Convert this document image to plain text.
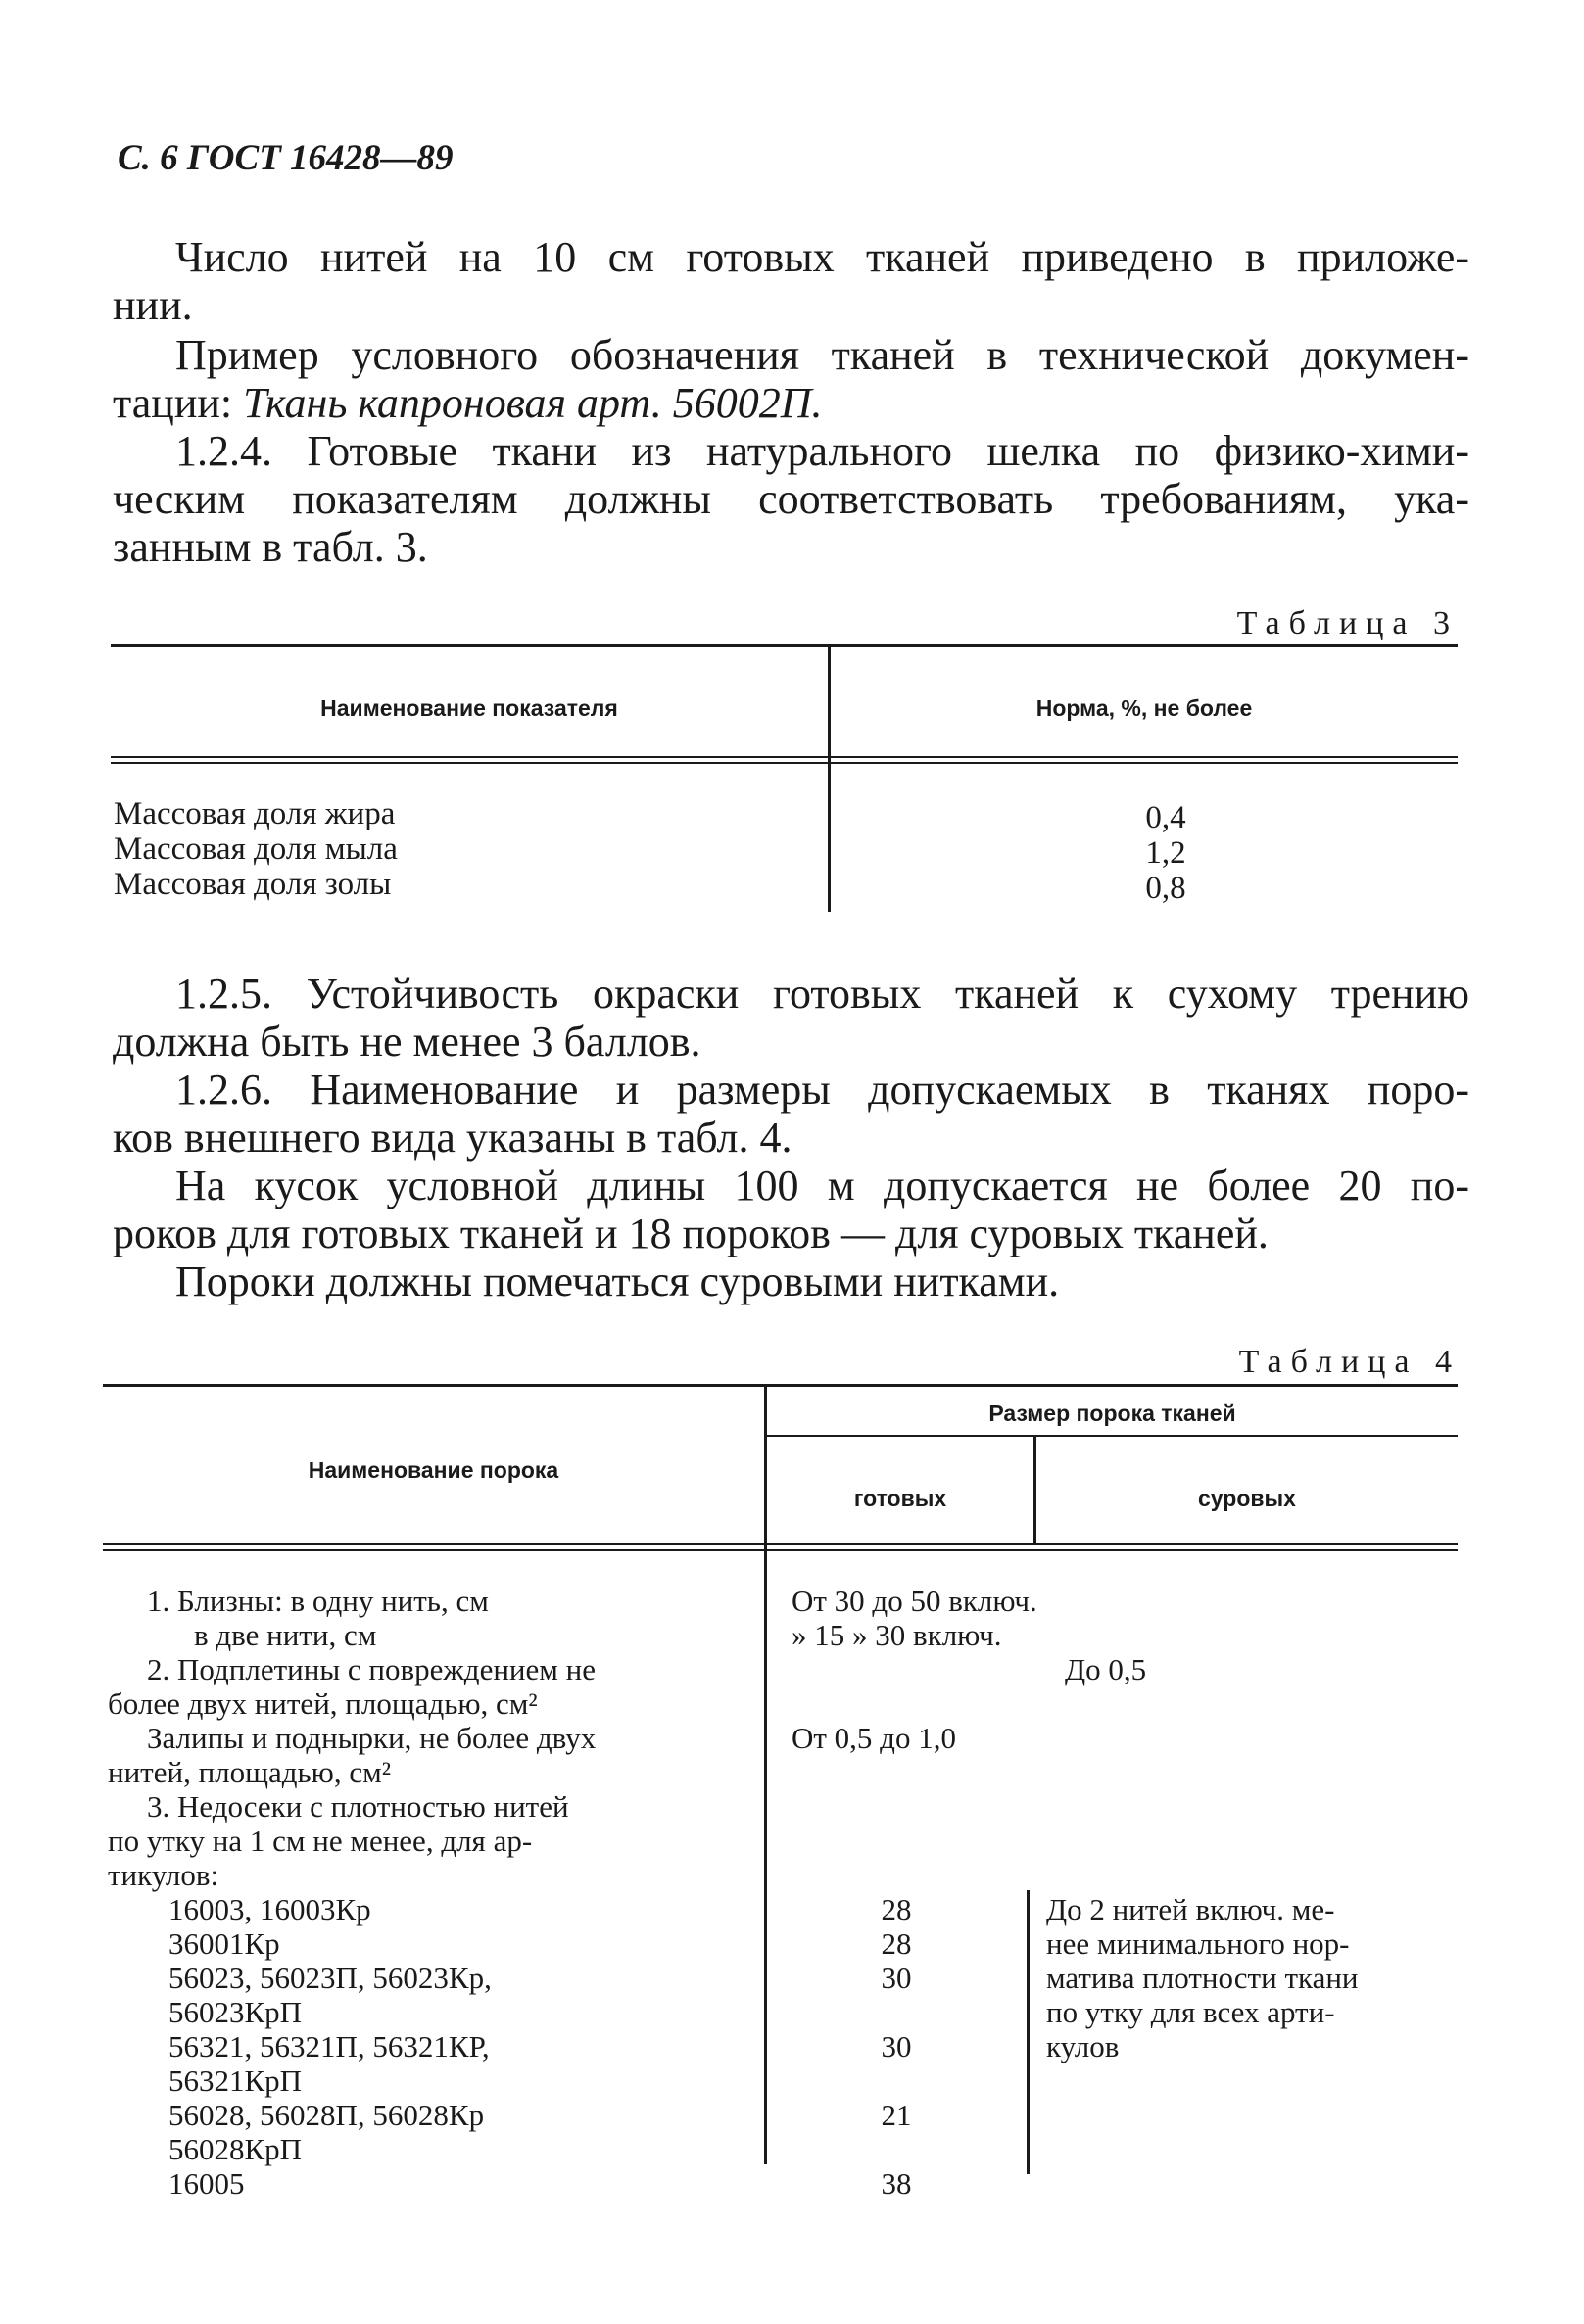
С. 6 ГОСТ 16428—89
Число нитей на 10 см готовых тканей приведено в приложе-
нии.
Пример условного обозначения тканей в технической докумен-
тации: Ткань капроновая арт. 56002П.
1.2.4. Готовые ткани из натурального шелка по физико-хими-
ческим показателям должны соответствовать требованиям, ука-
занным в табл. 3.
Таблица 3
Наименование показателя	Норма, %, не более
Массовая доля жира
Массовая доля мыла
Массовая доля золы
0,4
1,2
0,8
1.2.5. Устойчивость окраски готовых тканей к сухому трению
должна быть не менее 3 баллов.
1.2.6. Наименование и размеры допускаемых в тканях поро-
ков внешнего вида указаны в табл. 4.
На кусок условной длины 100 м допускается не более 20 по-
роков для готовых тканей и 18 пороков — для суровых тканей.
Пороки должны помечаться суровыми нитками.
Таблица 4
Наименование порока
Размер порока тканей
готовых	суровых
1. Близны: в одну нить, см
в две нити, см
2. Подплетины с повреждением не
более двух нитей, площадью, см²
Залипы и поднырки, не более двух
нитей, площадью, см²
3. Недосеки с плотностью нитей
по утку на 1 см не менее, для ар-
тикулов:
16003, 16003Кр
36001Кр
56023, 56023П, 56023Кр,
56023КрП
56321, 56321П, 56321КР,
56321КрП
56028, 56028П, 56028Кр
56028КрП
16005
От 30 до 50 включ.
» 15 » 30 включ.
От 0,5 до 1,0
28
28
30
30
21
38
До 0,5
До 2 нитей включ. ме-
нее минимального нор-
матива плотности ткани
по утку для всех арти-
кулов
